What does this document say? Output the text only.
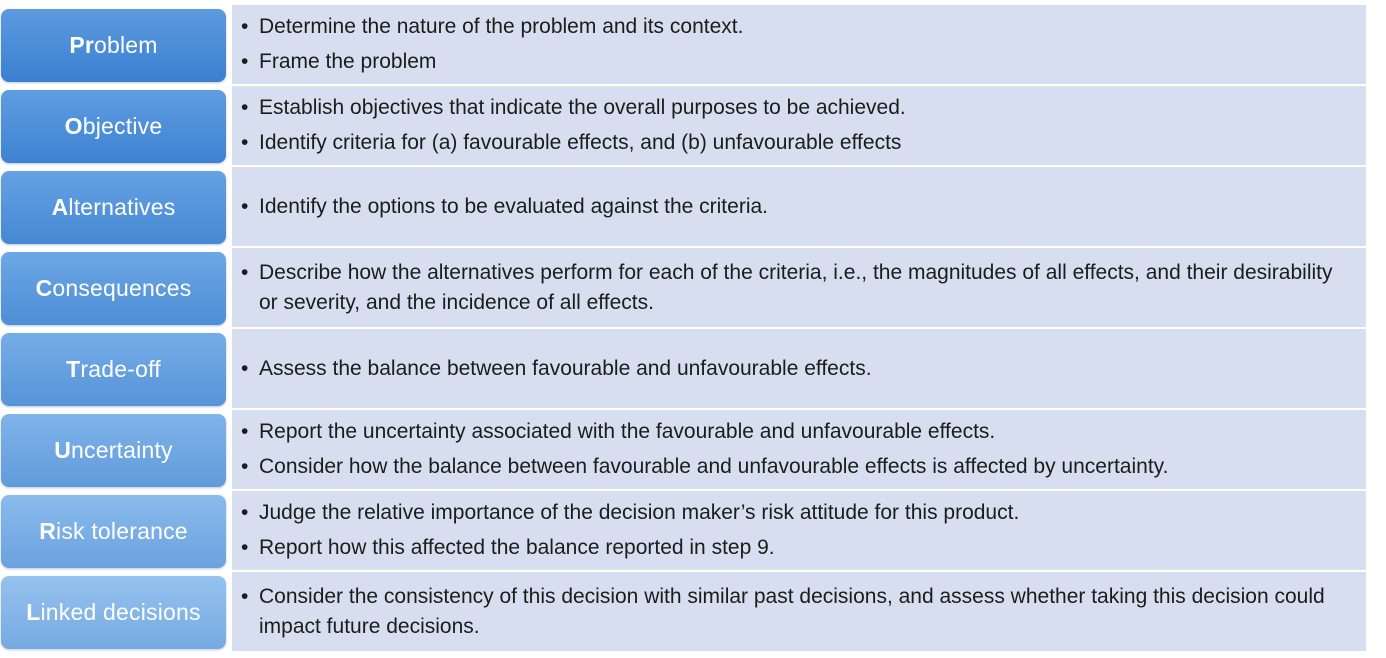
Pr oblem
• Determine the nature of the problem and its context.
• Frame the problem
O bjective
• Establish objectives that indicate the overall purposes to be achieved.
• Identify criteria for (a) favourable effects, and (b) unfavourable effects
A lternatives	• Identify the options to be evaluated against the criteria.
C onsequences
• Describe how the alternatives perform for each of the criteria, i.e., the magnitudes of all effects, and their desirability or severity, and the incidence of all effects.
T rade-off	• Assess the balance between favourable and unfavourable effects.
U ncertainty
• Report the uncertainty associated with the favourable and unfavourable effects.
• Consider how the balance between favourable and unfavourable effects is affected by uncertainty.
R isk tolerance
• Judge the relative importance of the decision maker’s risk attitude for this product.
• Report how this affected the balance reported in step 9.
L inked decisions
• Consider the consistency of this decision with similar past decisions, and assess whether taking this decision could impact future decisions.
